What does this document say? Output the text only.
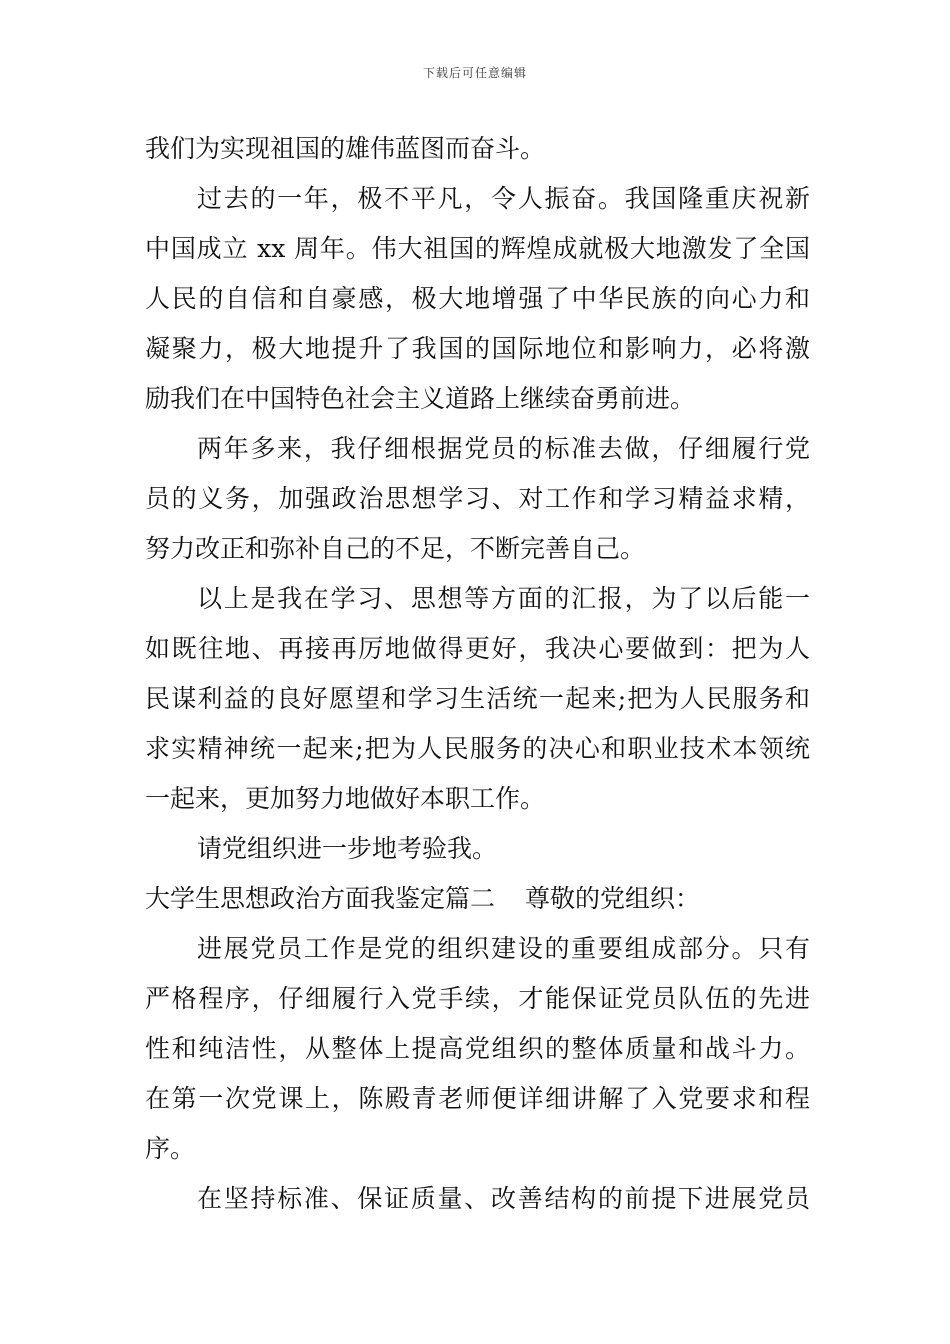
下载后可任意编辑
我们为实现祖国的雄伟蓝图而奋斗。
过去的一年，极不平凡，令人振奋。我国隆重庆祝新
中国成立 xx 周年。伟大祖国的辉煌成就极大地激发了全国
人民的自信和自豪感，极大地增强了中华民族的向心力和
凝聚力，极大地提升了我国的国际地位和影响力，必将激
励我们在中国特色社会主义道路上继续奋勇前进。
两年多来，我仔细根据党员的标准去做，仔细履行党
员的义务，加强政治思想学习、对工作和学习精益求精，
努力改正和弥补自己的不足，不断完善自己。
以上是我在学习、思想等方面的汇报，为了以后能一
如既往地、再接再厉地做得更好，我决心要做到：把为人
民谋利益的良好愿望和学习生活统一起来;把为人民服务和
求实精神统一起来;把为人民服务的决心和职业技术本领统
一起来，更加努力地做好本职工作。
请党组织进一步地考验我。
大学生思想政治方面我鉴定篇二	尊敬的党组织：
进展党员工作是党的组织建设的重要组成部分。只有
严格程序，仔细履行入党手续，才能保证党员队伍的先进
性和纯洁性，从整体上提高党组织的整体质量和战斗力。
在第一次党课上，陈殿青老师便详细讲解了入党要求和程
序。
在坚持标准、保证质量、改善结构的前提下进展党员
